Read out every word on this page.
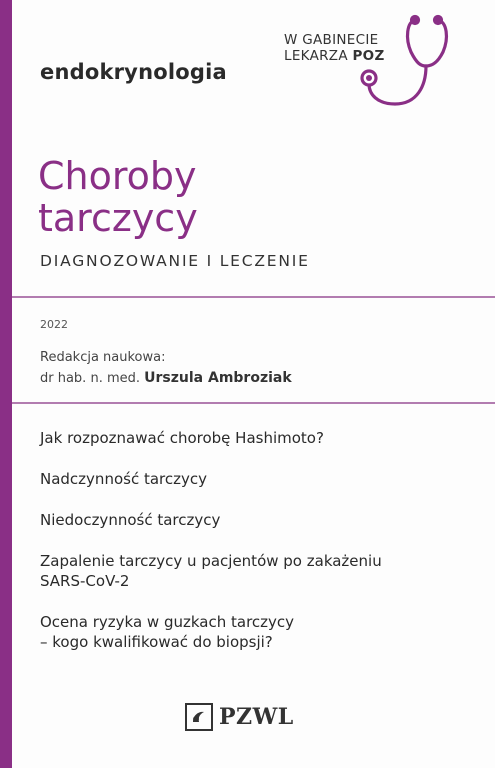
endokrynologia
W GABINECIE
LEKARZA POZ
Choroby
tarczycy
DIAGNOZOWANIE I LECZENIE
2022
Redakcja naukowa:
dr hab. n. med. Urszula Ambroziak
Jak rozpoznawać chorobę Hashimoto?
Nadczynność tarczycy
Niedoczynność tarczycy
Zapalenie tarczycy u pacjentów po zakażeniu
SARS-CoV-2
Ocena ryzyka w guzkach tarczycy
– kogo kwalifikować do biopsji?
PZWL
